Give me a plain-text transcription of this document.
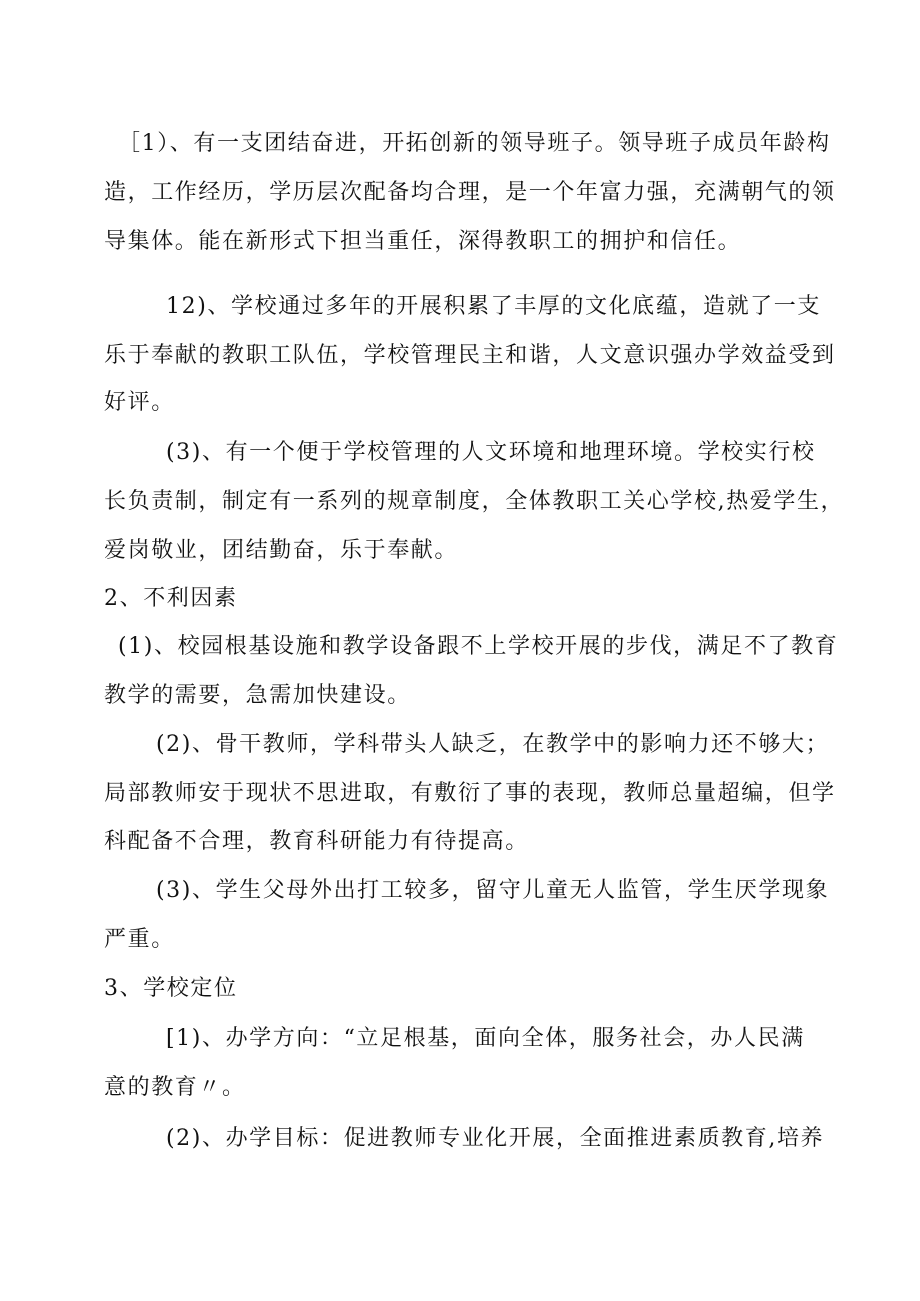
［1）、有一支团结奋进，开拓创新的领导班子。领导班子成员年龄构
造，工作经历，学历层次配备均合理，是一个年富力强，充满朝气的领
导集体。能在新形式下担当重任，深得教职工的拥护和信任。
12)、学校通过多年的开展积累了丰厚的文化底蕴，造就了一支
乐于奉献的教职工队伍，学校管理民主和谐，人文意识强办学效益受到
好评。
(3)、有一个便于学校管理的人文环境和地理环境。学校实行校
长负责制，制定有一系列的规章制度，全体教职工关心学校,热爱学生，
爱岗敬业，团结勤奋，乐于奉献。
2、不利因素
(1)、校园根基设施和教学设备跟不上学校开展的步伐，满足不了教育
教学的需要，急需加快建设。
(2)、骨干教师，学科带头人缺乏，在教学中的影响力还不够大；
局部教师安于现状不思进取，有敷衍了事的表现，教师总量超编，但学
科配备不合理，教育科研能力有待提高。
(3)、学生父母外出打工较多，留守儿童无人监管，学生厌学现象
严重。
3、学校定位
[1)、办学方向：“立足根基，面向全体，服务社会，办人民满
意的教育〃。
(2)、办学目标：促进教师专业化开展，全面推进素质教育,培养
